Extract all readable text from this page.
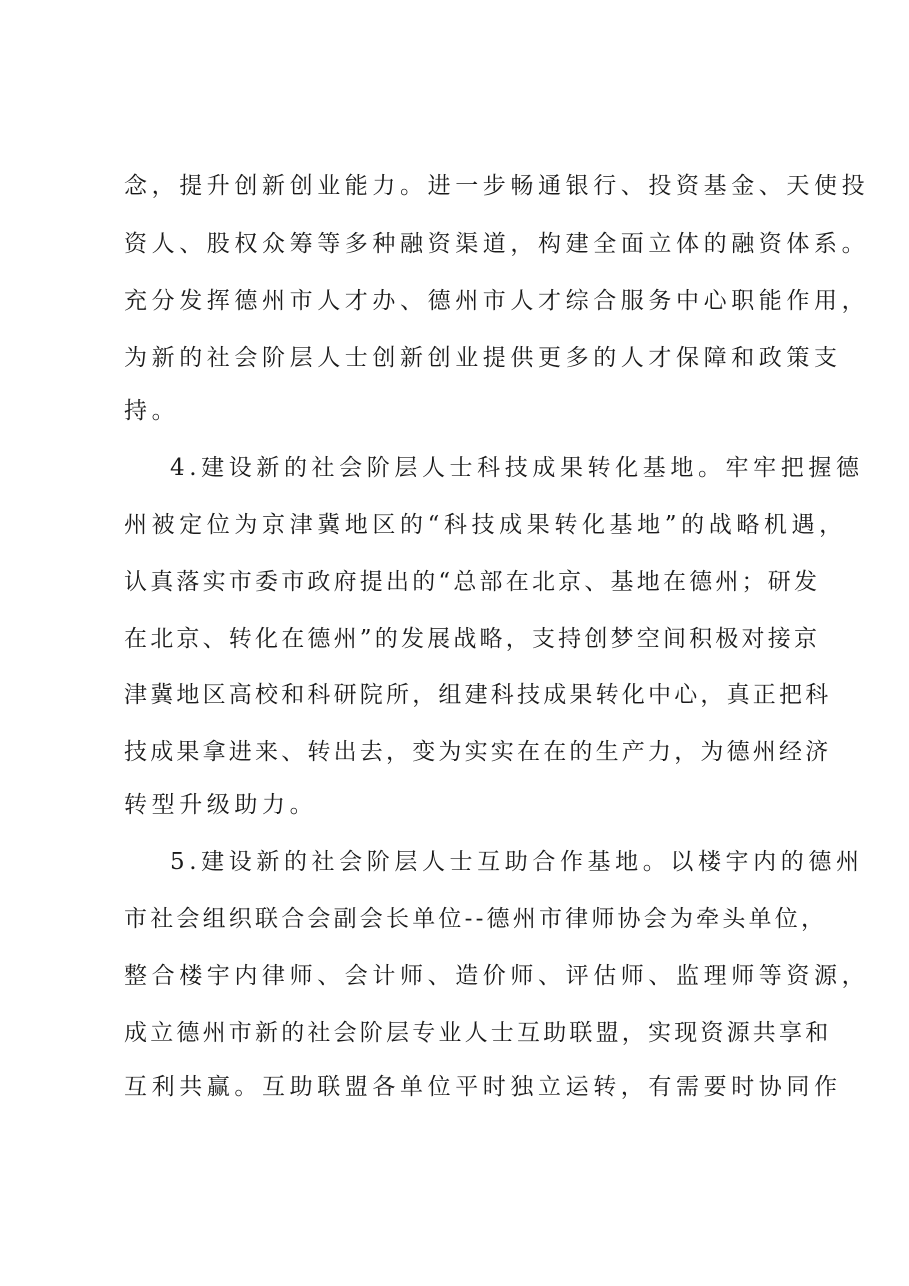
念，提升创新创业能力。进一步畅通银行、投资基金、天使投
资人、股权众筹等多种融资渠道，构建全面立体的融资体系。
充分发挥德州市人才办、德州市人才综合服务中心职能作用，
为新的社会阶层人士创新创业提供更多的人才保障和政策支
持。
4.建设新的社会阶层人士科技成果转化基地。牢牢把握德
州被定位为京津冀地区的“科技成果转化基地”的战略机遇，
认真落实市委市政府提出的“总部在北京、基地在德州；研发
在北京、转化在德州”的发展战略，支持创梦空间积极对接京
津冀地区高校和科研院所，组建科技成果转化中心，真正把科
技成果拿进来、转出去，变为实实在在的生产力，为德州经济
转型升级助力。
5.建设新的社会阶层人士互助合作基地。以楼宇内的德州
市社会组织联合会副会长单位--德州市律师协会为牵头单位，
整合楼宇内律师、会计师、造价师、评估师、监理师等资源，
成立德州市新的社会阶层专业人士互助联盟，实现资源共享和
互利共赢。互助联盟各单位平时独立运转，有需要时协同作
